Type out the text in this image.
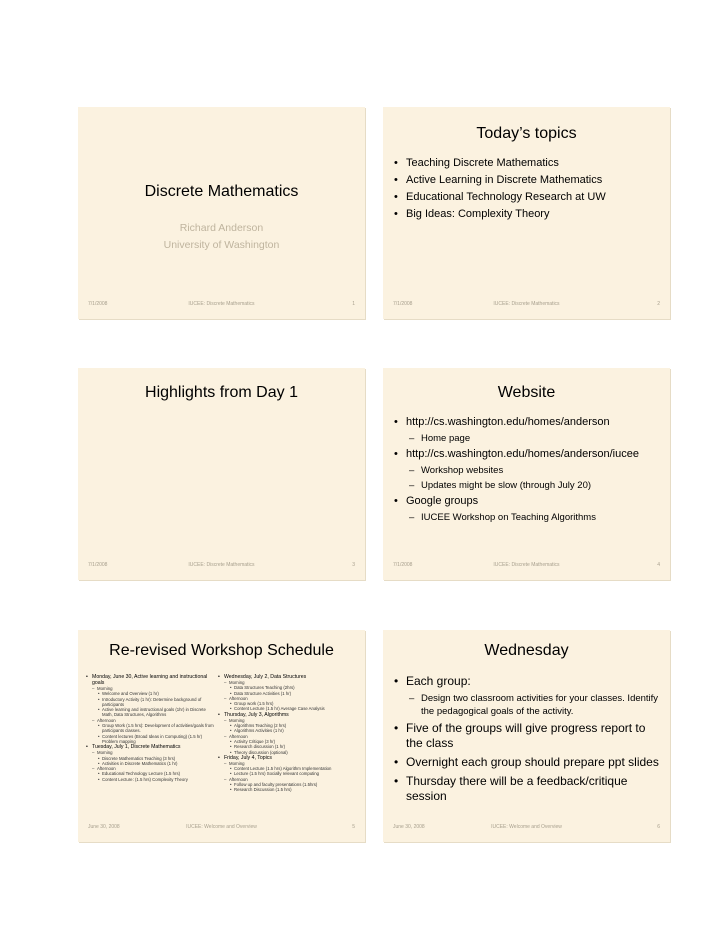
Discrete Mathematics
Richard Anderson
University of Washington
7/1/2008	IUCEE: Discrete Mathematics	1
Today’s topics
• Teaching Discrete Mathematics
• Active Learning in Discrete Mathematics
• Educational Technology Research at UW
• Big Ideas: Complexity Theory
7/1/2008	IUCEE: Discrete Mathematics	2
Highlights from Day 1
7/1/2008	IUCEE: Discrete Mathematics	3
Website
• http://cs.washington.edu/homes/anderson
– Home page
• http://cs.washington.edu/homes/anderson/iucee
– Workshop websites
– Updates might be slow (through July 20)
• Google groups
– IUCEE Workshop on Teaching Algorithms
7/1/2008	IUCEE: Discrete Mathematics	4
Re-revised Workshop Schedule
• Monday, June 30, Active learning and instructional goals
– Morning
• Welcome and Overview (1 hr)
• Introductory Activity (1 hr): Determine background of participants
• Active learning and instructional goals (1hr) in Discrete Math, Data Structures, Algorithms
– Afternoon
• Group Work (1.5 hrs): Development of activities/goals from participants classes.
• Content lectures (Broad Ideas in Computing) (1.5 hr) Problem mapping
• Tuesday, July 1, Discrete Mathematics
– Morning
• Discrete Mathematics Teaching (3 hrs)
• Activities in Discrete Mathematics (1 hr)
– Afternoon
• Educational Technology Lecture (1.5 hrs)
• Content Lecture: (1.5 hrs) Complexity Theory
• Wednesday, July 2, Data Structures
– Morning
• Data Structures Teaching (2hrs)
• Data Structure Activities (1 hr)
– Afternoon
• Group work (1.5 hrs)
• Content Lecture (1.5 hr) Average Case Analysis
• Thursday, July 3, Algorithms
– Morning
• Algorithms Teaching (2 hrs)
• Algorithms Activities (1 hr)
– Afternoon
• Activity Critique (3 hr)
• Research discussion (1 hr)
• Theory discussion (optional)
• Friday, July 4, Topics
– Morning
• Content Lecture (1.5 hrs) Algorithm Implementation
• Lecture (1.5 hrs) Socially relevant computing
– Afternoon
• Follow up and faculty presentations (1.5hrs)
• Research Discussion (1.5 hrs)
June 30, 2008	IUCEE: Welcome and Overview	5
Wednesday
• Each group:
– Design two classroom activities for your classes. Identify the pedagogical goals of the activity.
• Five of the groups will give progress report to the class
• Overnight each group should prepare ppt slides
• Thursday there will be a feedback/critique session
June 30, 2008	IUCEE: Welcome and Overview	6
